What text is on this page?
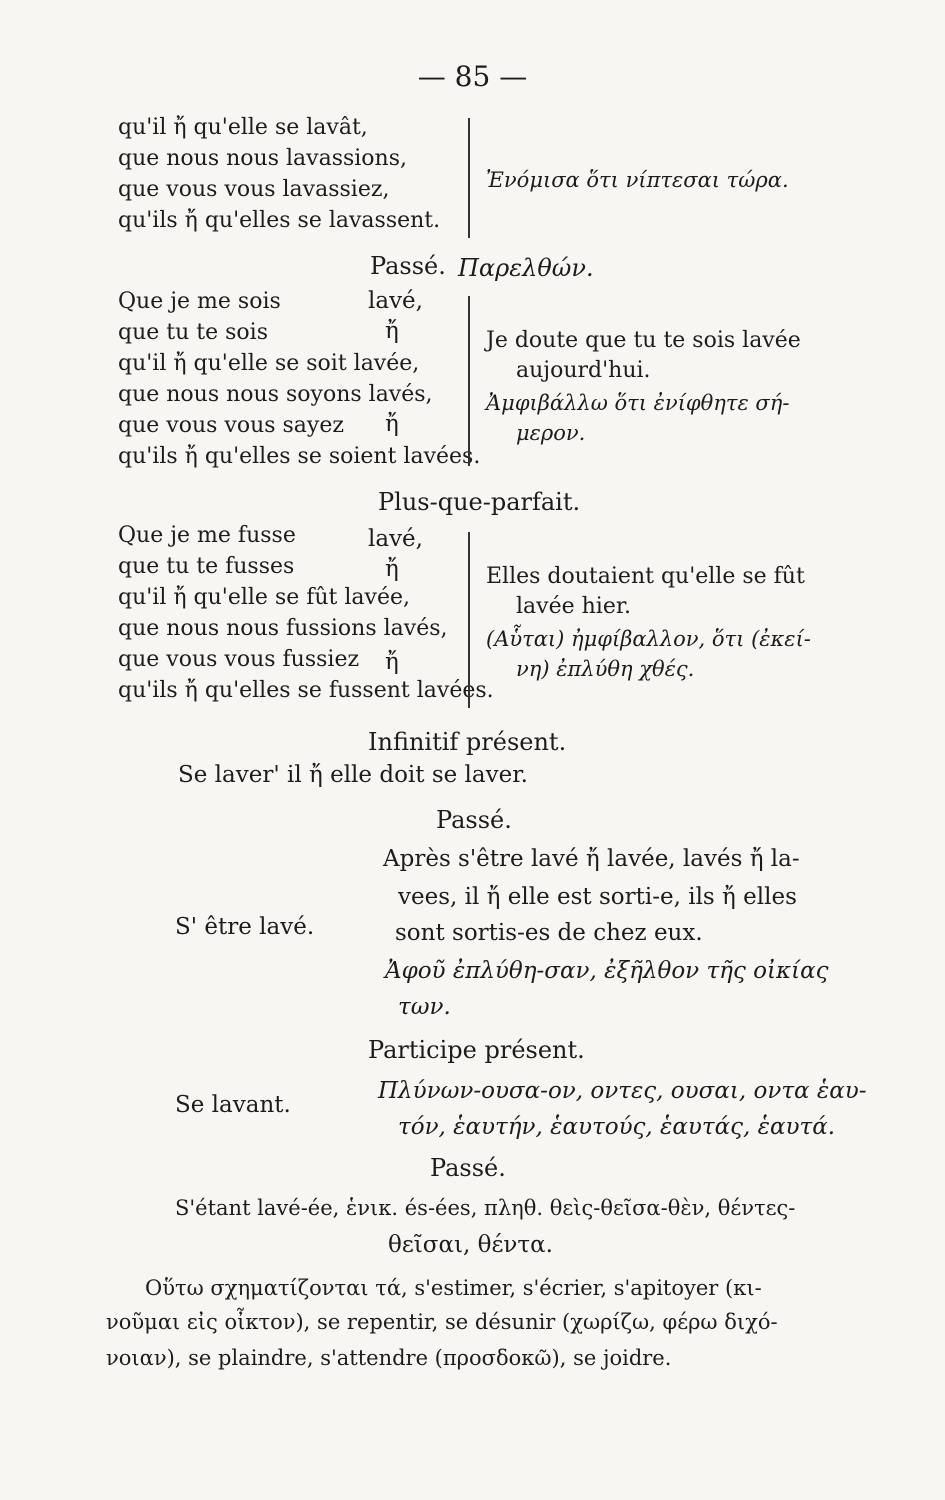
— 85 —
qu'il ἤ qu'elle se lavât,
que nous nous lavassions,
que vous vous lavassiez,
qu'ils ἤ qu'elles se lavassent.
Ἐνόμισα ὅτι νίπτεσαι τώρα.
Passé. Παρελθών.
Que je me sois
que tu te sois
qu'il ἤ qu'elle se soit lavée,
que nous nous soyons lavés,
que vous vous sayez
qu'ils ἤ qu'elles se soient lavées.
lavé,
ἤ
ἤ
Je doute que tu te sois lavée
aujourd'hui.
Ἀμφιβάλλω ὅτι ἐνίφθητε σή-
μερον.
Plus-que-parfait.
Que je me fusse
que tu te fusses
qu'il ἤ qu'elle se fût lavée,
que nous nous fussions lavés,
que vous vous fussiez
qu'ils ἤ qu'elles se fussent lavées.
lavé,
ἤ
ἤ
Elles doutaient qu'elle se fût
lavée hier.
(Αὗται) ἠμφίβαλλον, ὅτι (ἐκεί-
νη) ἐπλύθη χθές.
Infinitif présent.
Se laver' il ἤ elle doit se laver.
Passé.
S' être lavé.
Après s'être lavé ἤ lavée, lavés ἤ la-
vees, il ἤ elle est sorti-e, ils ἤ elles
sont sortis-es de chez eux.
Ἀφοῦ ἐπλύθη-σαν, ἐξῆλθον τῆς οἰκίας
των.
Participe présent.
Se lavant.
Πλύνων-ουσα-ον, οντες, ουσαι, οντα ἑαυ-
τόν, ἑαυτήν, ἑαυτούς, ἑαυτάς, ἑαυτά.
Passé.
S'étant lavé-ée, ἑνικ. és-ées, πληθ. θεὶς-θεῖσα-θὲν, θέντες-
θεῖσαι, θέντα.
Οὕτω σχηματίζονται τά, s'estimer, s'écrier, s'apitoyer (κι-
νοῦμαι εἰς οἶκτον), se repentir, se désunir (χωρίζω, φέρω διχό-
νοιαν), se plaindre, s'attendre (προσδοκῶ), se joidre.
